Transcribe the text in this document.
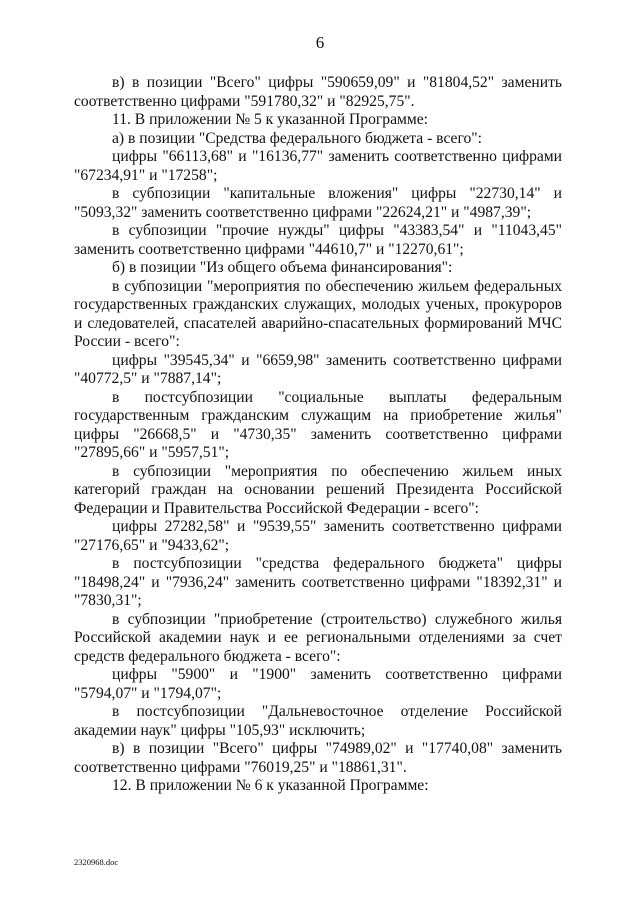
6

в) в позиции "Всего" цифры "590659,09" и "81804,52" заменить соответственно цифрами "591780,32" и "82925,75".

11. В приложении № 5 к указанной Программе:

а) в позиции "Средства федерального бюджета - всего":

цифры "66113,68" и "16136,77" заменить соответственно цифрами "67234,91" и "17258";

в субпозиции "капитальные вложения" цифры "22730,14" и "5093,32" заменить соответственно цифрами "22624,21" и "4987,39";

в субпозиции "прочие нужды" цифры "43383,54" и "11043,45" заменить соответственно цифрами "44610,7" и "12270,61";

б) в позиции "Из общего объема финансирования":

в субпозиции "мероприятия по обеспечению жильем федеральных государственных гражданских служащих, молодых ученых, прокуроров и следователей, спасателей аварийно-спасательных формирований МЧС России - всего":

цифры "39545,34" и "6659,98" заменить соответственно цифрами "40772,5" и "7887,14";

в постсубпозиции "социальные выплаты федеральным государственным гражданским служащим на приобретение жилья" цифры "26668,5" и "4730,35" заменить соответственно цифрами "27895,66" и "5957,51";

в субпозиции "мероприятия по обеспечению жильем иных категорий граждан на основании решений Президента Российской Федерации и Правительства Российской Федерации - всего":

цифры 27282,58" и "9539,55" заменить соответственно цифрами "27176,65" и "9433,62";

в постсубпозиции "средства федерального бюджета" цифры "18498,24" и "7936,24" заменить соответственно цифрами "18392,31" и "7830,31";

в субпозиции "приобретение (строительство) служебного жилья Российской академии наук и ее региональными отделениями за счет средств федерального бюджета - всего":

цифры "5900" и "1900" заменить соответственно цифрами "5794,07" и "1794,07";

в постсубпозиции "Дальневосточное отделение Российской академии наук" цифры "105,93" исключить;

в) в позиции "Всего" цифры "74989,02" и "17740,08" заменить соответственно цифрами "76019,25" и "18861,31".

12. В приложении № 6 к указанной Программе:

2320968.doc
